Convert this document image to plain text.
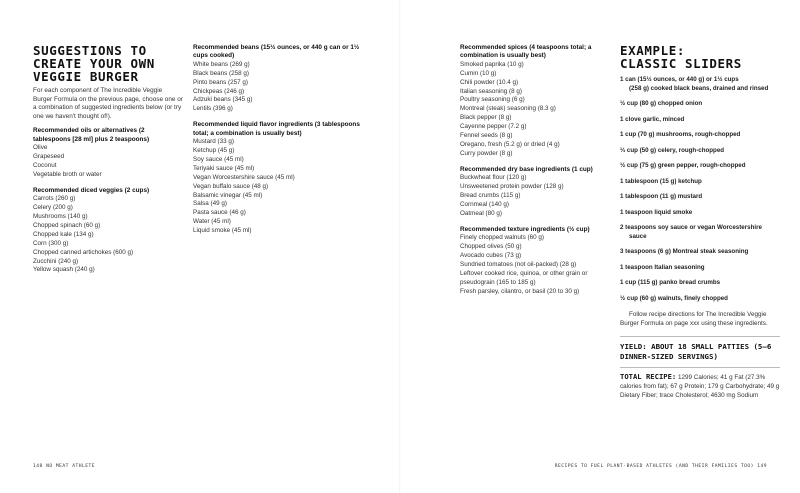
SUGGESTIONS TO
CREATE YOUR OWN
VEGGIE BURGER

For each component of The Incredible Veggie Burger Formula on the previous page, choose one or a combination of suggested ingredients below (or try one we haven't thought of!).

Recommended oils or alternatives (2 tablespoons [28 ml] plus 2 teaspoons)

Olive

Grapeseed

Coconut

Vegetable broth or water

Recommended diced veggies (2 cups)

Carrots (260 g)

Celery (200 g)

Mushrooms (140 g)

Chopped spinach (60 g)

Chopped kale (134 g)

Corn (300 g)

Chopped canned artichokes (600 g)

Zucchini (240 g)

Yellow squash (240 g)

Recommended beans (15½ ounces, or 440 g can or 1½ cups cooked)

White beans (269 g)

Black beans (258 g)

Pinto beans (257 g)

Chickpeas (246 g)

Adzuki beans (345 g)

Lentils (396 g)

Recommended liquid flavor ingredients (3 tablespoons total; a combination is usually best)

Mustard (33 g)

Ketchup (45 g)

Soy sauce (45 ml)

Teriyaki sauce (45 ml)

Vegan Worcestershire sauce (45 ml)

Vegan buffalo sauce (48 g)

Balsamic vinegar (45 ml)

Salsa (49 g)

Pasta sauce (46 g)

Water (45 ml)

Liquid smoke (45 ml)

148 NO MEAT ATHLETE

Recommended spices (4 teaspoons total; a combination is usually best)

Smoked paprika (10 g)

Cumin (10 g)

Chili powder (10.4 g)

Italian seasoning (8 g)

Poultry seasoning (6 g)

Montreal (steak) seasoning (8.3 g)

Black pepper (8 g)

Cayenne pepper (7.2 g)

Fennel seeds (8 g)

Oregano, fresh (5.2 g) or dried (4 g)

Curry powder (8 g)

Recommended dry base ingredients (1 cup)

Buckwheat flour (120 g)

Unsweetened protein powder (128 g)

Bread crumbs (115 g)

Cornmeal (140 g)

Oatmeal (80 g)

Recommended texture ingredients (½ cup)

Finely chopped walnuts (60 g)

Chopped olives (50 g)

Avocado cubes (73 g)

Sundried tomatoes (not oil-packed) (28 g)

Leftover cooked rice, quinoa, or other grain or pseudograin (165 to 185 g)

Fresh parsley, cilantro, or basil (20 to 30 g)

EXAMPLE:
CLASSIC SLIDERS

1 can (15½ ounces, or 440 g) or 1½ cups
(258 g) cooked black beans, drained and rinsed

½ cup (80 g) chopped onion

1 clove garlic, minced

1 cup (70 g) mushrooms, rough-chopped

⅓ cup (50 g) celery, rough-chopped

½ cup (75 g) green pepper, rough-chopped

1 tablespoon (15 g) ketchup

1 tablespoon (11 g) mustard

1 teaspoon liquid smoke

2 teaspoons soy sauce or vegan Worcestershire
sauce

3 teaspoons (6 g) Montreal steak seasoning

1 teaspoon Italian seasoning

1 cup (115 g) panko bread crumbs

½ cup (60 g) walnuts, finely chopped

Follow recipe directions for The Incredible Veggie Burger Formula on page xxx using these ingredients.

YIELD: ABOUT 18 SMALL PATTIES (5–6 DINNER-SIZED SERVINGS)

TOTAL RECIPE: 1299 Calories; 41 g Fat (27.3% calories from fat); 67 g Protein; 179 g Carbohydrate; 49 g Dietary Fiber; trace Cholesterol; 4630 mg Sodium

RECIPES TO FUEL PLANT-BASED ATHLETES (AND THEIR FAMILIES TOO) 149
